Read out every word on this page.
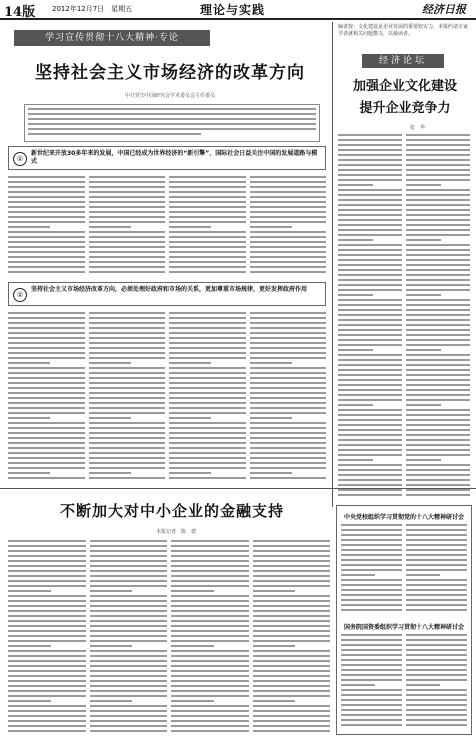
14版 2012年12月7日　星期五	理论与实践	经济日报
学习宣传贯彻十八大精神·专论
坚持社会主义市场经济的改革方向
中共党史中国研究会学术委员会主任委员
①
新世纪来开放30多年来的发展，中国已经成为世界经济的“新引擎”，国际社会日益关注中国的发展道路与模式
②
坚持社会主义市场经济改革方向，必须处理好政府和市场的关系，更加尊重市场规律，更好发挥政府作用
编者按：文化建设是企业发展的重要软实力，本报约请专家学者就相关问题撰文，以飨读者。
经济论坛
加强企业文化建设
提升企业竞争力
张　华
不断加大对中小企业的金融支持
本报记者　陈　建
中央党校组织学习贯彻党的十八大精神研讨会
国务院国资委组织学习贯彻十八大精神研讨会
